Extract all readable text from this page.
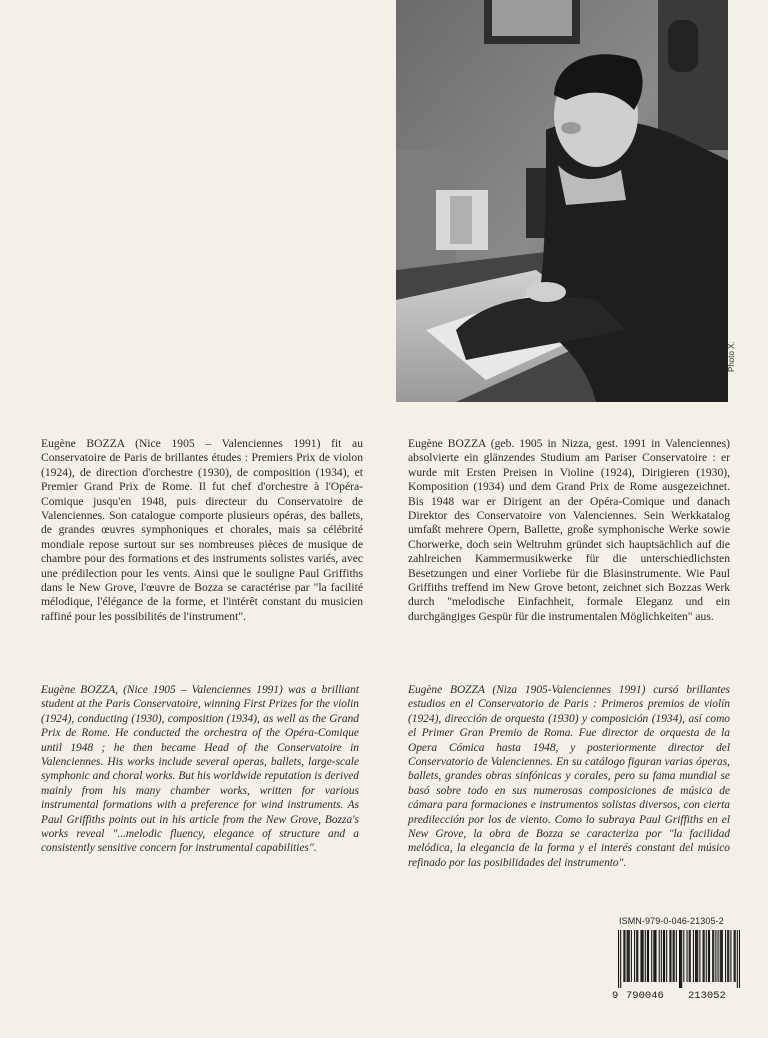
Photo X.

Eugène BOZZA (Nice 1905 – Valenciennes 1991) fit au Conservatoire de Paris de brillantes études : Premiers Prix de violon (1924), de direction d'orchestre (1930), de composition (1934), et Premier Grand Prix de Rome. Il fut chef d'orchestre à l'Opéra-Comique jusqu'en 1948, puis directeur du Conservatoire de Valenciennes. Son catalogue comporte plusieurs opéras, des ballets, de grandes œuvres symphoniques et chorales, mais sa célébrité mondiale repose surtout sur ses nombreuses pièces de musique de chambre pour des formations et des instruments solistes variés, avec une prédilection pour les vents. Ainsi que le souligne Paul Griffiths dans le New Grove, l'œuvre de Bozza se caractérise par "la facilité mélodique, l'élégance de la forme, et l'intérêt constant du musicien raffiné pour les possibilités de l'instrument".

Eugène BOZZA (geb. 1905 in Nizza, gest. 1991 in Valenciennes) absolvierte ein glänzendes Studium am Pariser Conservatoire : er wurde mit Ersten Preisen in Violine (1924), Dirigieren (1930), Komposition (1934) und dem Grand Prix de Rome ausgezeichnet. Bis 1948 war er Dirigent an der Opéra-Comique und danach Direktor des Conservatoire von Valenciennes. Sein Werkkatalog umfaßt mehrere Opern, Ballette, große symphonische Werke sowie Chorwerke, doch sein Weltruhm gründet sich hauptsächlich auf die zahlreichen Kammermusikwerke für die unterschiedlichsten Besetzungen und einer Vorliebe für die Blasinstrumente. Wie Paul Griffiths treffend im New Grove betont, zeichnet sich Bozzas Werk durch "melodische Einfachheit, formale Eleganz und ein durchgängiges Gespür für die instrumentalen Möglichkeiten" aus.

Eugène BOZZA, (Nice 1905 – Valenciennes 1991) was a brilliant student at the Paris Conservatoire, winning First Prizes for the violin (1924), conducting (1930), composition (1934), as well as the Grand Prix de Rome. He conducted the orchestra of the Opéra-Comique until 1948 ; he then became Head of the Conservatoire in Valenciennes. His works include several operas, ballets, large-scale symphonic and choral works. But his worldwide reputation is derived mainly from his many chamber works, written for various instrumental formations with a preference for wind instruments. As Paul Griffiths points out in his article from the New Grove, Bozza's works reveal "...melodic fluency, elegance of structure and a consistently sensitive concern for instrumental capabilities".

Eugène BOZZA (Niza 1905-Valenciennes 1991) cursó brillantes estudios en el Conservatorio de Paris : Primeros premios de violín (1924), dirección de orquesta (1930) y composición (1934), así como el Primer Gran Premio de Roma. Fue director de orquesta de la Opera Cómica hasta 1948, y posteriormente director del Conservatorio de Valenciennes. En su catálogo figuran varias óperas, ballets, grandes obras sinfónicas y corales, pero su fama mundial se basó sobre todo en sus numerosas composiciones de música de cámara para formaciones e instrumentos solistas diversos, con cierta predilección por los de viento. Como lo subraya Paul Griffiths en el New Grove, la obra de Bozza se caracteriza por "la facilidad melódica, la elegancia de la forma y el interés constant del músico refinado por las posibilidades del instrumento".

ISMN-979-0-046-21305-2

9

790046

213052
